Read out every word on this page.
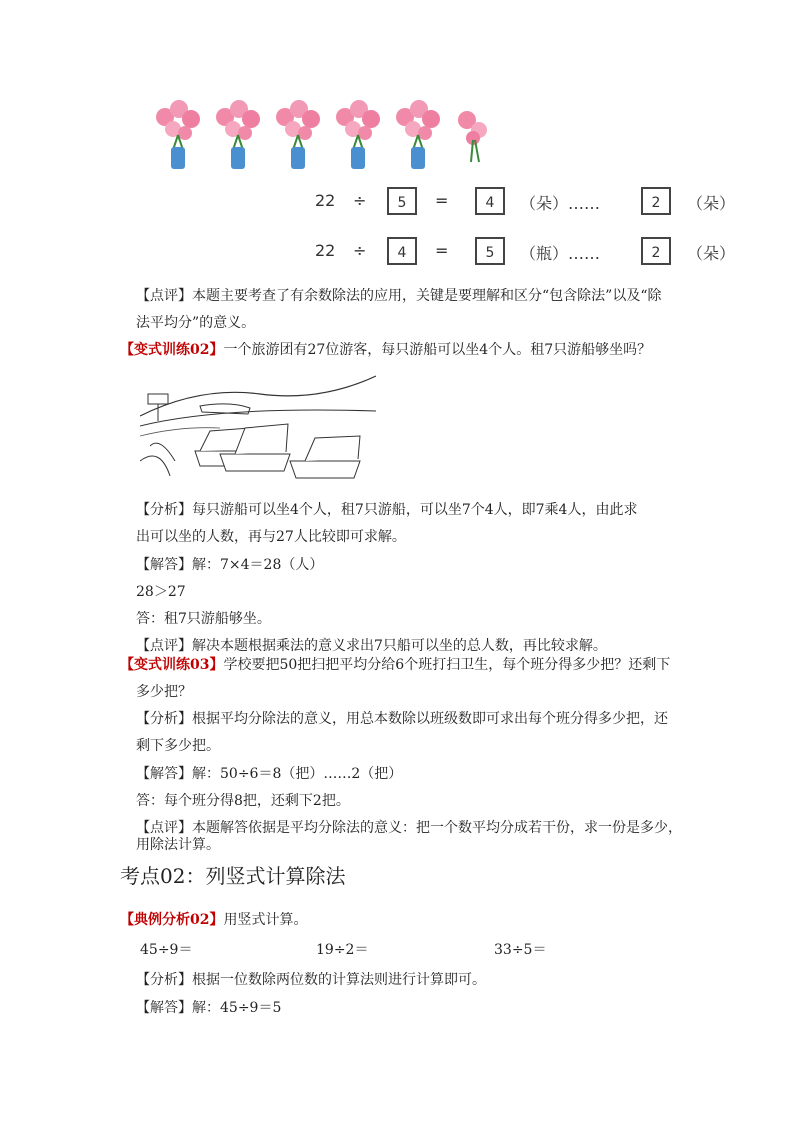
22 ÷	5	=	4	（朵）……	2	（朵）
22 ÷	4	=	5	（瓶）……	2	（朵）
【点评】本题主要考查了有余数除法的应用，关键是要理解和区分“包含除法”以及“除
法平均分”的意义。
【变式训练02】一个旅游团有27位游客，每只游船可以坐4个人。租7只游船够坐吗？
【分析】每只游船可以坐4个人，租7只游船，可以坐7个4人，即7乘4人，由此求
出可以坐的人数，再与27人比较即可求解。
【解答】解：7×4＝28（人）
28＞27
答：租7只游船够坐。
【点评】解决本题根据乘法的意义求出7只船可以坐的总人数，再比较求解。
【变式训练03】学校要把50把扫把平均分给6个班打扫卫生，每个班分得多少把？还剩下
多少把？
【分析】根据平均分除法的意义，用总本数除以班级数即可求出每个班分得多少把，还
剩下多少把。
【解答】解：50÷6＝8（把）……2（把）
答：每个班分得8把，还剩下2把。
【点评】本题解答依据是平均分除法的意义：把一个数平均分成若干份，求一份是多少，
用除法计算。
考点02：列竖式计算除法
【典例分析02】用竖式计算。
45÷9＝	19÷2＝	33÷5＝
【分析】根据一位数除两位数的计算法则进行计算即可。
【解答】解：45÷9＝5
